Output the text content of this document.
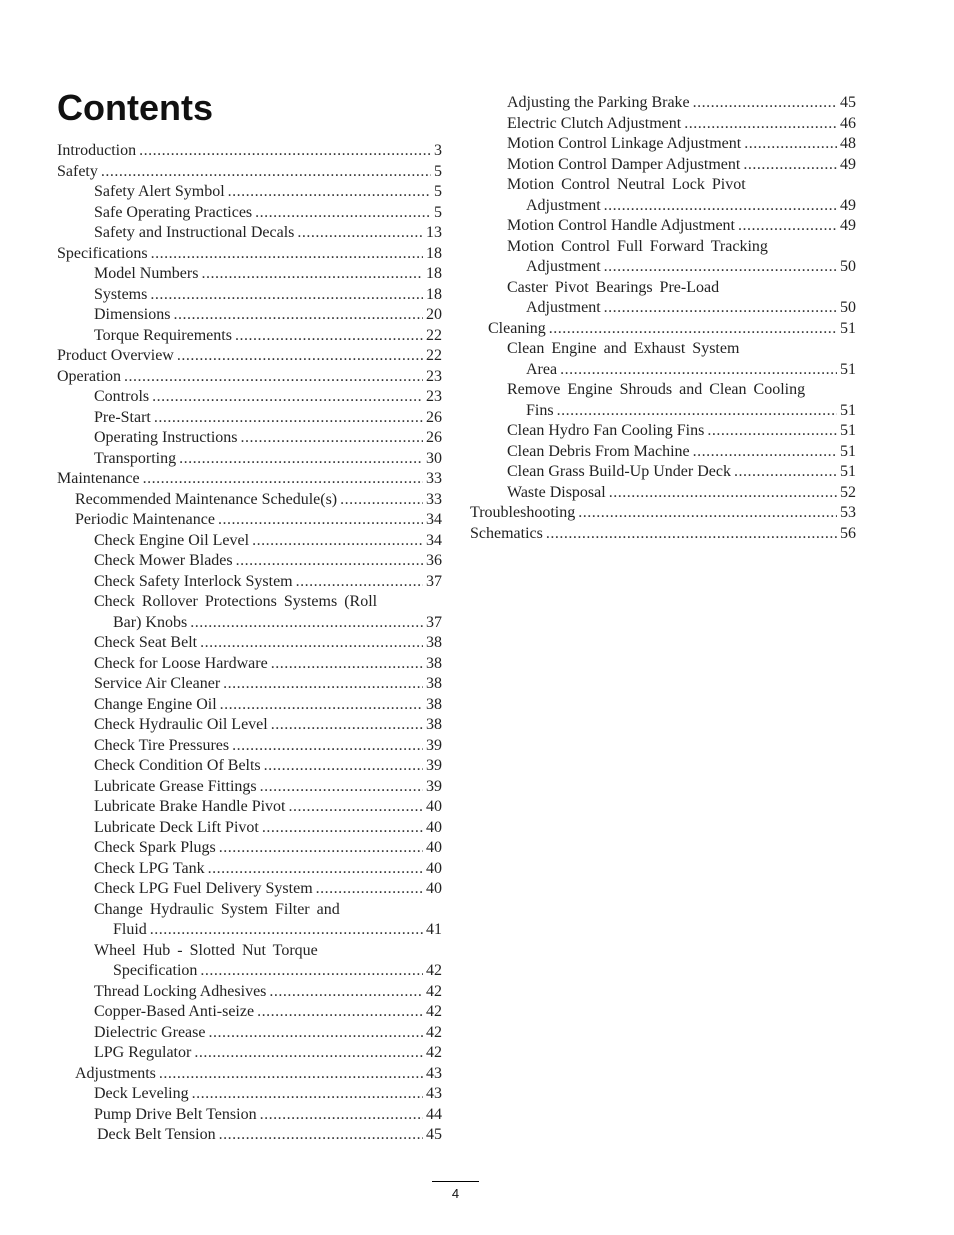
Contents
Introduction .....	3
Safety .....	5
Safety Alert Symbol .....	5
Safe Operating Practices .....	5
Safety and Instructional Decals .....	13
Specifications .....	18
Model Numbers .....	18
Systems .....	18
Dimensions .....	20
Torque Requirements .....	22
Product Overview .....	22
Operation .....	23
Controls .....	23
Pre-Start .....	26
Operating Instructions .....	26
Transporting .....	30
Maintenance .....	33
Recommended Maintenance Schedule(s) .....	33
Periodic Maintenance .....	34
Check Engine Oil Level .....	34
Check Mower Blades .....	36
Check Safety Interlock System .....	37
Check Rollover Protections Systems (Roll
Bar) Knobs .....	37
Check Seat Belt .....	38
Check for Loose Hardware .....	38
Service Air Cleaner .....	38
Change Engine Oil .....	38
Check Hydraulic Oil Level .....	38
Check Tire Pressures .....	39
Check Condition Of Belts .....	39
Lubricate Grease Fittings .....	39
Lubricate Brake Handle Pivot .....	40
Lubricate Deck Lift Pivot .....	40
Check Spark Plugs .....	40
Check LPG Tank .....	40
Check LPG Fuel Delivery System .....	40
Change Hydraulic System Filter and
Fluid .....	41
Wheel Hub - Slotted Nut Torque
Specification .....	42
Thread Locking Adhesives .....	42
Copper-Based Anti-seize .....	42
Dielectric Grease .....	42
LPG Regulator .....	42
Adjustments .....	43
Deck Leveling .....	43
Pump Drive Belt Tension .....	44
Deck Belt Tension .....	45
Adjusting the Parking Brake .....	45
Electric Clutch Adjustment .....	46
Motion Control Linkage Adjustment .....	48
Motion Control Damper Adjustment .....	49
Motion Control Neutral Lock Pivot
Adjustment .....	49
Motion Control Handle Adjustment .....	49
Motion Control Full Forward Tracking
Adjustment .....	50
Caster Pivot Bearings Pre-Load
Adjustment .....	50
Cleaning .....	51
Clean Engine and Exhaust System
Area .....	51
Remove Engine Shrouds and Clean Cooling
Fins .....	51
Clean Hydro Fan Cooling Fins .....	51
Clean Debris From Machine .....	51
Clean Grass Build-Up Under Deck .....	51
Waste Disposal .....	52
Troubleshooting .....	53
Schematics .....	56
4
